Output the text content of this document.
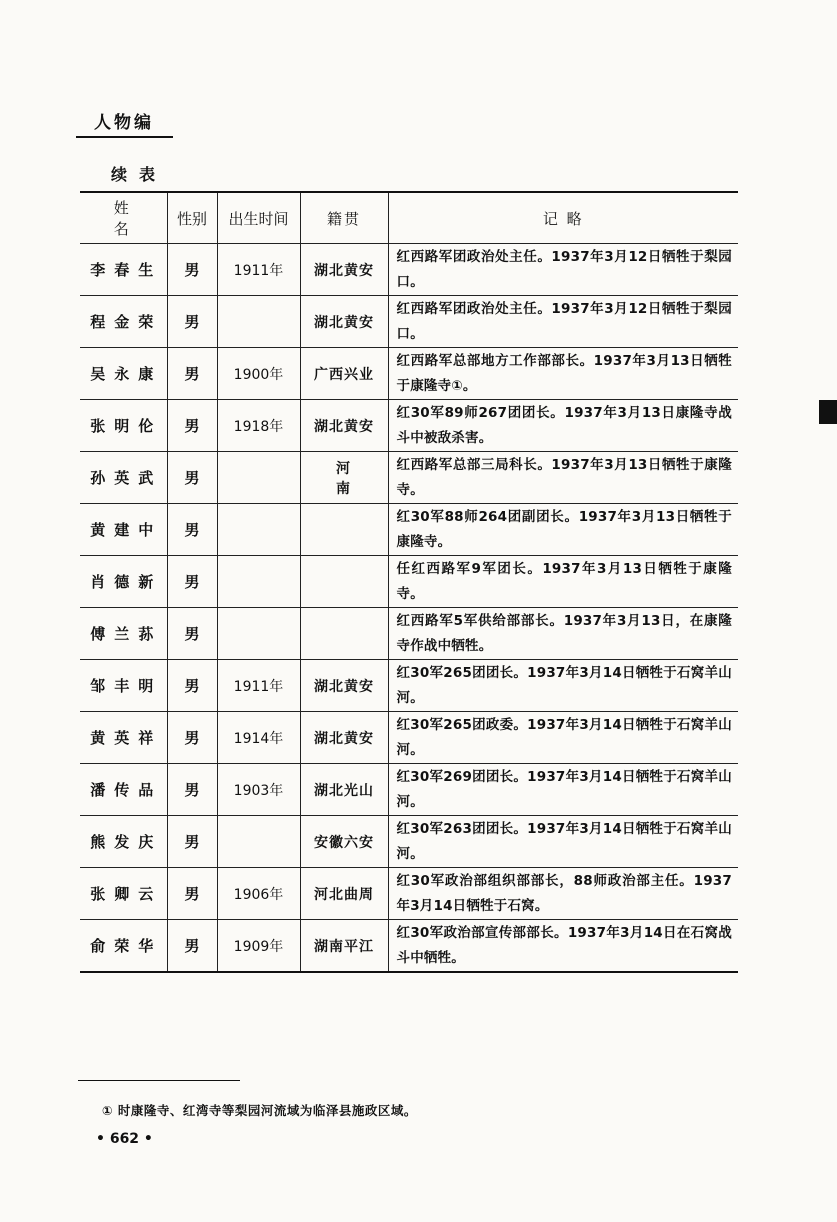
人物编
续表
姓 名	性别	出生时间	籍贯	记 略
李春生	男	1911年	湖北黄安	红西路军团政治处主任。1937年3月12日牺牲于梨园口。
程金荣	男		湖北黄安	红西路军团政治处主任。1937年3月12日牺牲于梨园口。
吴永康	男	1900年	广西兴业	红西路军总部地方工作部部长。1937年3月13日牺牲于康隆寺①。
张明伦	男	1918年	湖北黄安	红30军89师267团团长。1937年3月13日康隆寺战斗中被敌杀害。
孙英武	男		河南	红西路军总部三局科长。1937年3月13日牺牲于康隆寺。
黄建中	男			红30军88师264团副团长。1937年3月13日牺牲于康隆寺。
肖德新	男			任红西路军9军团长。1937年3月13日牺牲于康隆寺。
傅兰荪	男			红西路军5军供给部部长。1937年3月13日，在康隆寺作战中牺牲。
邹丰明	男	1911年	湖北黄安	红30军265团团长。1937年3月14日牺牲于石窝羊山河。
黄英祥	男	1914年	湖北黄安	红30军265团政委。1937年3月14日牺牲于石窝羊山河。
潘传品	男	1903年	湖北光山	红30军269团团长。1937年3月14日牺牲于石窝羊山河。
熊发庆	男		安徽六安	红30军263团团长。1937年3月14日牺牲于石窝羊山河。
张卿云	男	1906年	河北曲周	红30军政治部组织部部长，88师政治部主任。1937年3月14日牺牲于石窝。
俞荣华	男	1909年	湖南平江	红30军政治部宣传部部长。1937年3月14日在石窝战斗中牺牲。
① 时康隆寺、红湾寺等梨园河流域为临泽县施政区域。
• 662 •
